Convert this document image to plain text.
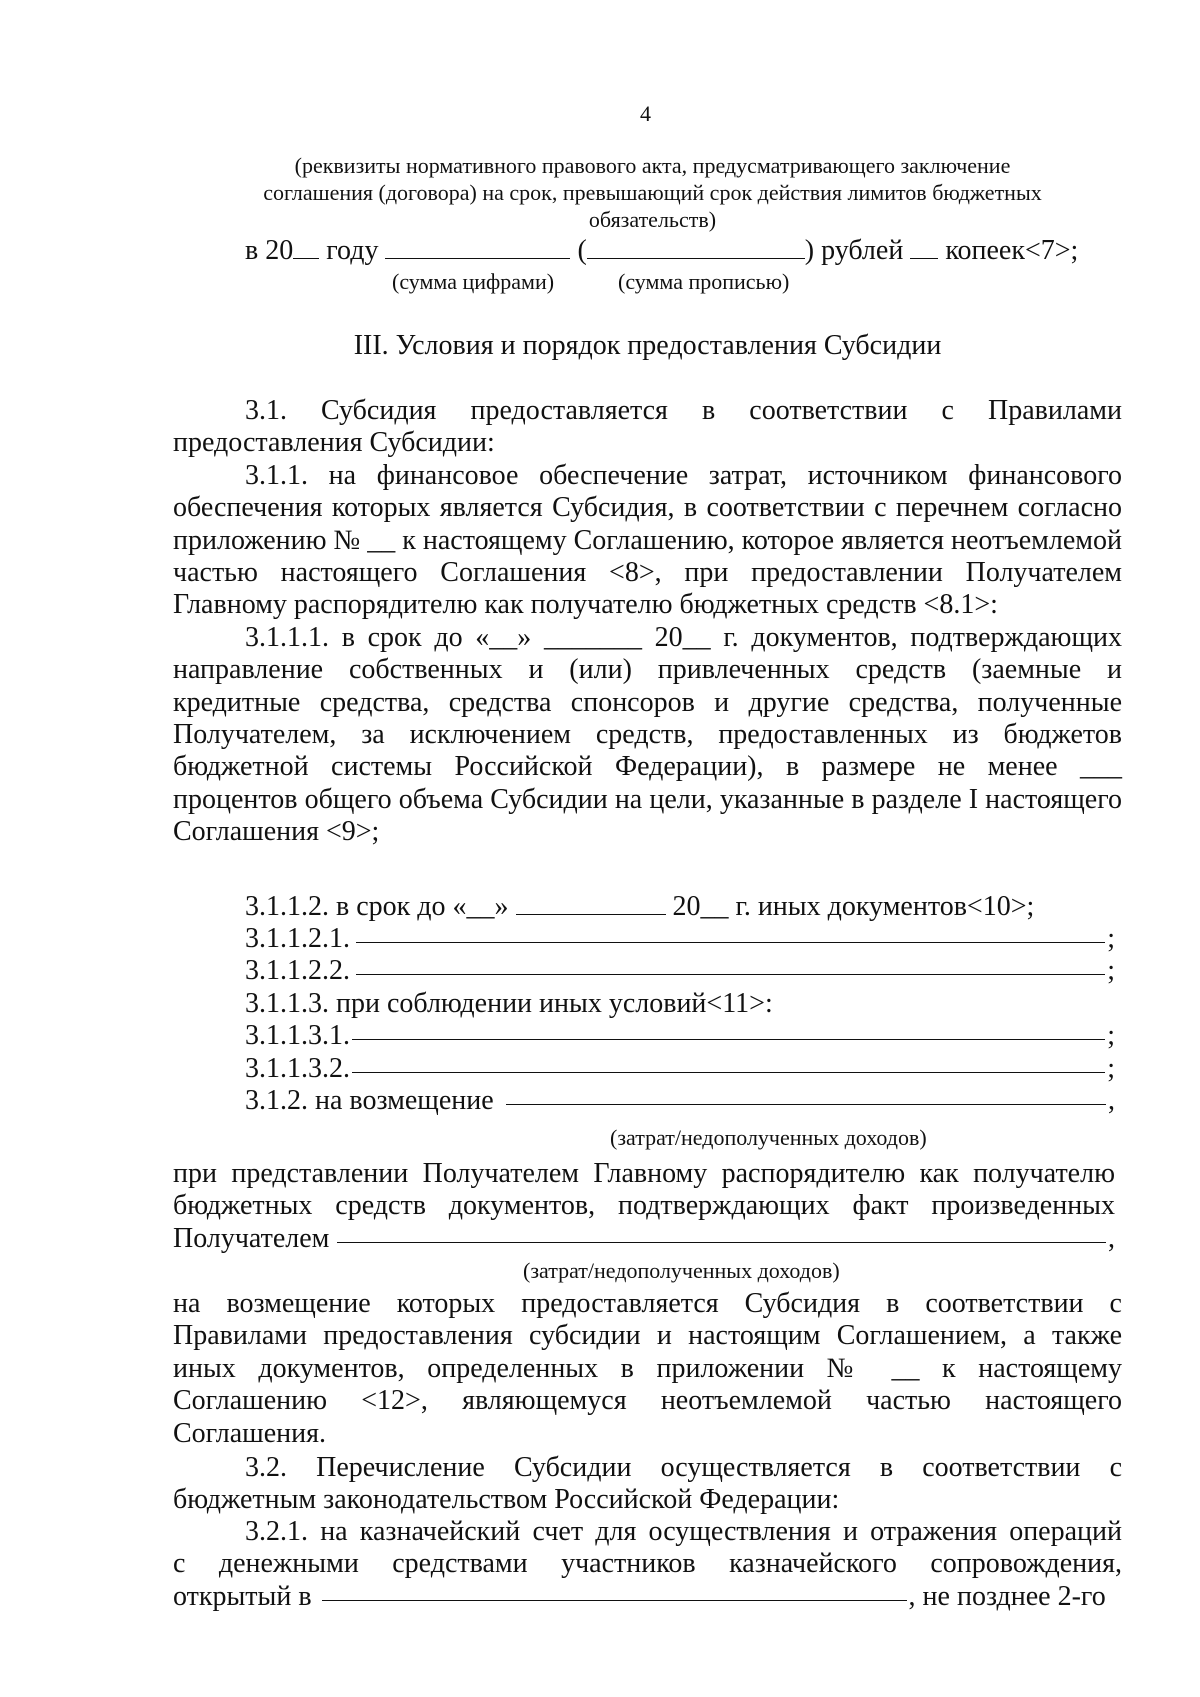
4
(реквизиты нормативного правового акта, предусматривающего заключение
соглашения (договора) на срок, превышающий срок действия лимитов бюджетных
обязательств)
в 20 году	(	) рублей копеек<7>;
(сумма цифрами)	(сумма прописью)
III. Условия и порядок предоставления Субсидии

3.1. Субсидия предоставляется в соответствии с Правилами

предоставления Субсидии:

3.1.1. на финансовое обеспечение затрат, источником финансового обеспечения которых является Субсидия, в соответствии с перечнем согласно приложению № __ к настоящему Соглашению, которое является неотъемлемой частью настоящего Соглашения <8>, при предоставлении Получателем Главному распорядителю как получателю бюджетных средств <8.1>:

3.1.1.1. в срок до «__» _______ 20__ г. документов, подтверждающих направление собственных и (или) привлеченных средств (заемные и кредитные средства, средства спонсоров и другие средства, полученные Получателем, за исключением средств, предоставленных из бюджетов бюджетной системы Российской Федерации), в размере не менее ___ процентов общего объема Субсидии на цели, указанные в разделе I настоящего Соглашения <9>;

3.1.1.2. в срок до «__»	20__ г. иных документов<10>;
3.1.1.2.1.	;
3.1.1.2.2.	;
3.1.1.3. при соблюдении иных условий<11>:
3.1.1.3.1.	;
3.1.1.3.2.	;
3.1.2. на возмещение	,
(затрат/недополученных доходов)
при представлении Получателем Главному распорядителю как получателю
бюджетных средств документов, подтверждающих факт произведенных
Получателем	,
(затрат/недополученных доходов)

на возмещение которых предоставляется Субсидия в соответствии с Правилами предоставления субсидии и настоящим Соглашением, а также иных документов, определенных в приложении № __ к настоящему Соглашению <12>, являющемуся неотъемлемой частью настоящего Соглашения.

3.2. Перечисление Субсидии осуществляется в соответствии с бюджетным законодательством Российской Федерации:

3.2.1. на казначейский счет для осуществления и отражения операций
с денежными средствами участников казначейского сопровождения,
открытый в	, не позднее 2-го
